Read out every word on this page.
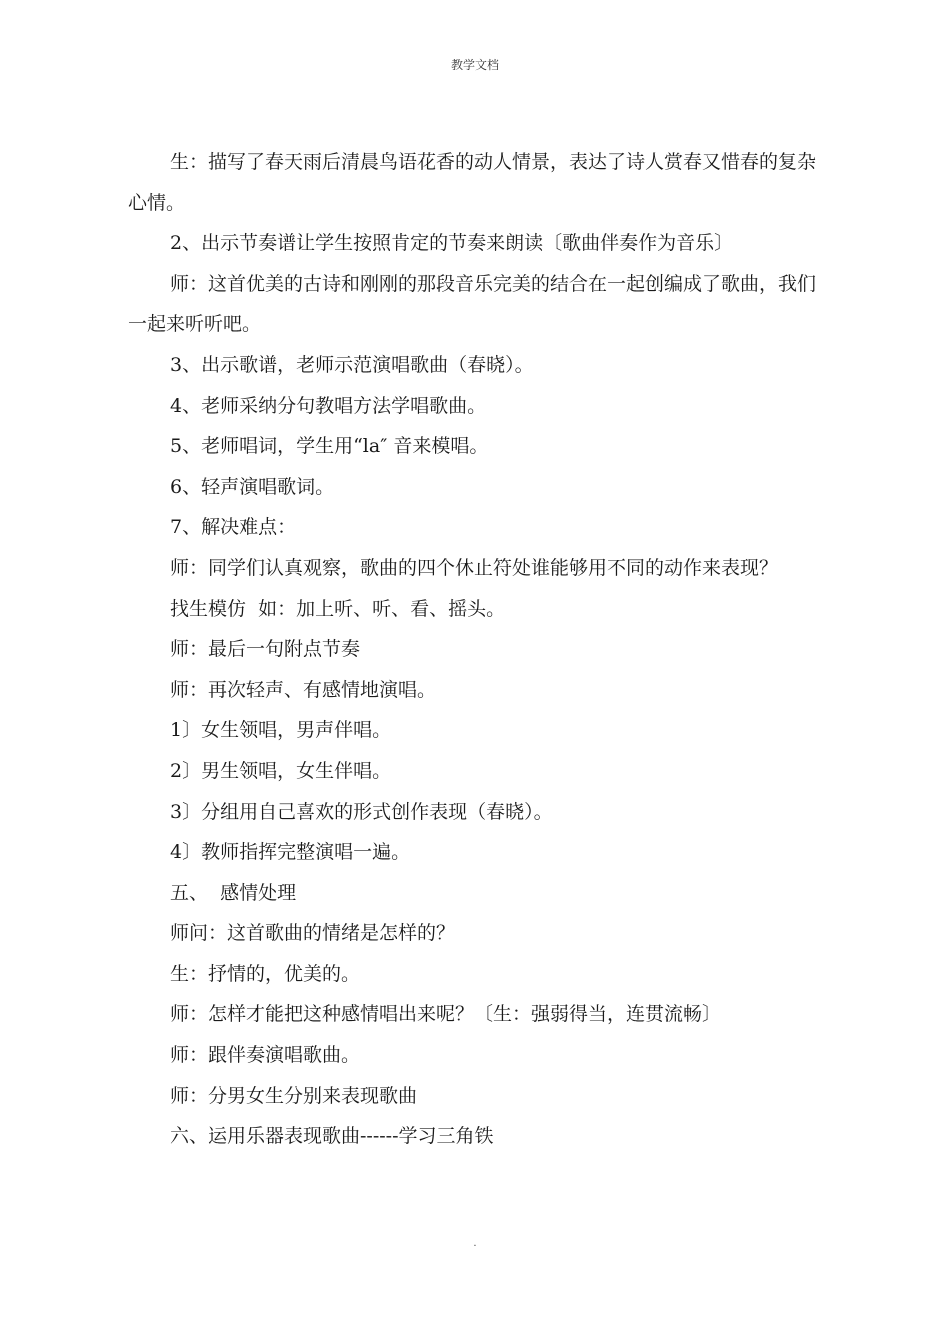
教学文档

生：描写了春天雨后清晨鸟语花香的动人情景，表达了诗人赏春又惜春的复杂心情。

2、出示节奏谱让学生按照肯定的节奏来朗读〔歌曲伴奏作为音乐〕

师：这首优美的古诗和刚刚的那段音乐完美的结合在一起创编成了歌曲，我们一起来听听吧。

3、出示歌谱，老师示范演唱歌曲（春晓）。

4、老师采纳分句教唱方法学唱歌曲。

5、老师唱词，学生用“la″ 音来模唱。

6、轻声演唱歌词。

7、解决难点：

师：同学们认真观察，歌曲的四个休止符处谁能够用不同的动作来表现？

找生模仿  如：加上听、听、看、摇头。

师：最后一句附点节奏

师：再次轻声、有感情地演唱。

1〕女生领唱，男声伴唱。

2〕男生领唱，女生伴唱。

3〕分组用自己喜欢的形式创作表现（春晓）。

4〕教师指挥完整演唱一遍。

五、  感情处理

师问：这首歌曲的情绪是怎样的？

生：抒情的，优美的。

师：怎样才能把这种感情唱出来呢？〔生：强弱得当，连贯流畅〕

师：跟伴奏演唱歌曲。

师：分男女生分别来表现歌曲

六、运用乐器表现歌曲------学习三角铁

.
